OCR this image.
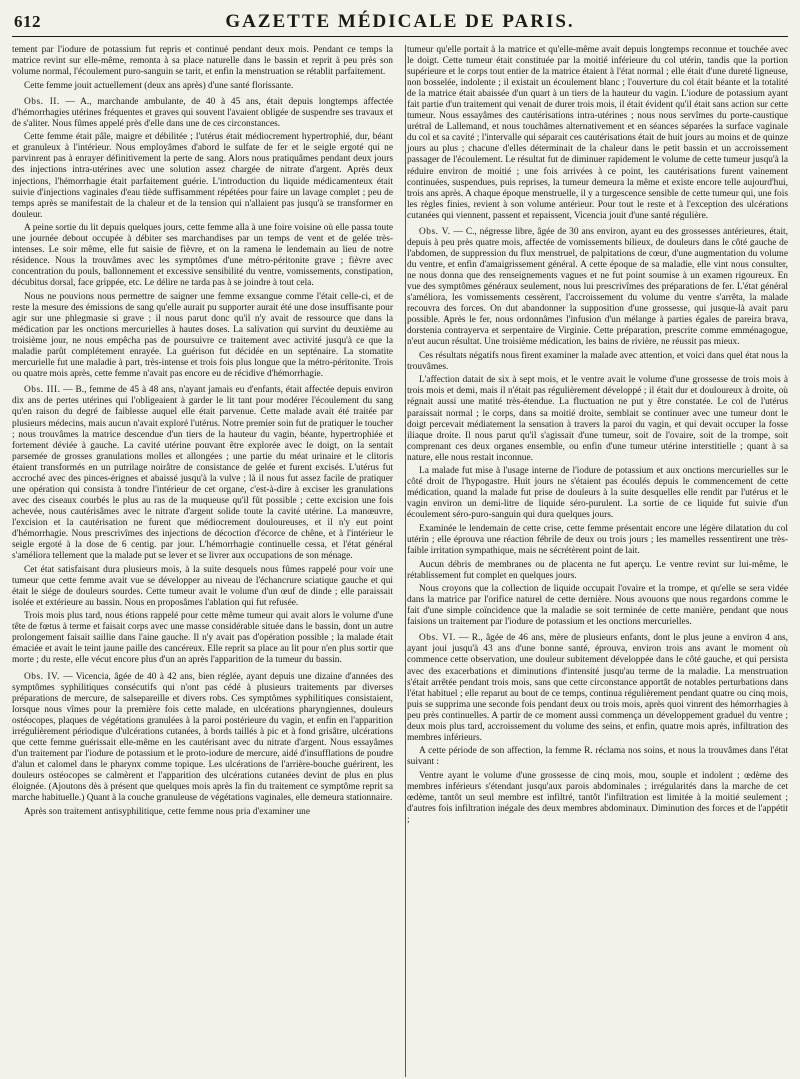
612	GAZETTE MÉDICALE DE PARIS.

tement par l'iodure de potassium fut repris et continué pendant deux mois. Pendant ce temps la matrice revint sur elle-même, remonta à sa place naturelle dans le bassin et reprit à peu près son volume normal, l'écoulement puro-sanguin se tarit, et enfin la menstruation se rétablit parfaitement.

Cette femme jouit actuellement (deux ans après) d'une santé florissante.

Obs. II. — A., marchande ambulante, de 40 à 45 ans, était depuis longtemps affectée d'hémorrhagies utérines fréquentes et graves qui souvent l'avaient obligée de suspendre ses travaux et de s'aliter. Nous fûmes appelé près d'elle dans une de ces circonstances.

Cette femme était pâle, maigre et débilitée ; l'utérus était médiocrement hypertrophié, dur, béant et granuleux à l'intérieur. Nous employâmes d'abord le sulfate de fer et le seigle ergoté qui ne parvinrent pas à enrayer définitivement la perte de sang. Alors nous pratiquâmes pendant deux jours des injections intra-utérines avec une solution assez chargée de nitrate d'argent. Après deux injections, l'hémorrhagie était parfaitement guérie. L'introduction du liquide médicamenteux était suivie d'injections vaginales d'eau tiède suffisamment répétées pour faire un lavage complet ; peu de temps après se manifestait de la chaleur et de la tension qui n'allaient pas jusqu'à se transformer en douleur.

A peine sortie du lit depuis quelques jours, cette femme alla à une foire voisine où elle passa toute une journée debout occupée à débiter ses marchandises par un temps de vent et de gelée très-intenses. Le soir même, elle fut saisie de fièvre, et on la ramena le lendemain au lieu de notre résidence. Nous la trouvâmes avec les symptômes d'une métro-péritonite grave ; fièvre avec concentration du pouls, ballonnement et excessive sensibilité du ventre, vomissements, constipation, décubitus dorsal, face grippée, etc. Le délire ne tarda pas à se joindre à tout cela.

Nous ne pouvions nous permettre de saigner une femme exsangue comme l'était celle-ci, et de reste la mesure des émissions de sang qu'elle aurait pu supporter aurait été une dose insuffisante pour agir sur une phlegmasie si grave ; il nous parut donc qu'il n'y avait de ressource que dans la médication par les onctions mercurielles à hautes doses. La salivation qui survint du deuxième au troisième jour, ne nous empêcha pas de poursuivre ce traitement avec activité jusqu'à ce que la maladie parût complétement enrayée. La guérison fut décidée en un septénaire. La stomatite mercurielle fut une maladie à part, très-intense et trois fois plus longue que la métro-péritonite. Trois ou quatre mois après, cette femme n'avait pas encore eu de récidive d'hémorrhagie.

Obs. III. — B., femme de 45 à 48 ans, n'ayant jamais eu d'enfants, était affectée depuis environ dix ans de pertes utérines qui l'obligeaient à garder le lit tant pour modérer l'écoulement du sang qu'en raison du degré de faiblesse auquel elle était parvenue. Cette malade avait été traitée par plusieurs médecins, mais aucun n'avait exploré l'utérus. Notre premier soin fut de pratiquer le toucher ; nous trouvâmes la matrice descendue d'un tiers de la hauteur du vagin, béante, hypertrophiée et fortement déviée à gauche. La cavité utérine pouvant être explorée avec le doigt, on la sentait parsemée de grosses granulations molles et allongées ; une partie du méat urinaire et le clitoris étaient transformés en un putrilage noirâtre de consistance de gelée et furent excisés. L'utérus fut accroché avec des pinces-érignes et abaissé jusqu'à la vulve ; là il nous fut assez facile de pratiquer une opération qui consista à tondre l'intérieur de cet organe, c'est-à-dire à exciser les granulations avec des ciseaux courbés le plus au ras de la muqueuse qu'il fût possible ; cette excision une fois achevée, nous cautérisâmes avec le nitrate d'argent solide toute la cavité utérine. La manœuvre, l'excision et la cautérisation ne furent que médiocrement douloureuses, et il n'y eut point d'hémorrhagie. Nous prescrivîmes des injections de décoction d'écorce de chêne, et à l'intérieur le seigle ergoté à la dose de 6 centig. par jour. L'hémorrhagie continuelle cessa, et l'état général s'améliora tellement que la malade put se lever et se livrer aux occupations de son ménage.

Cet état satisfaisant dura plusieurs mois, à la suite desquels nous fûmes rappelé pour voir une tumeur que cette femme avait vue se développer au niveau de l'échancrure sciatique gauche et qui était le siége de douleurs sourdes. Cette tumeur avait le volume d'un œuf de dinde ; elle paraissait isolée et extérieure au bassin. Nous en proposâmes l'ablation qui fut refusée.

Trois mois plus tard, nous étions rappelé pour cette même tumeur qui avait alors le volume d'une tête de fœtus à terme et faisait corps avec une masse considérable située dans le bassin, dont un autre prolongement faisait saillie dans l'aine gauche. Il n'y avait pas d'opération possible ; la malade était émaciée et avait le teint jaune paille des cancéreux. Elle reprit sa place au lit pour n'en plus sortir que morte ; du reste, elle vécut encore plus d'un an après l'apparition de la tumeur du bassin.

Obs. IV. — Vicencia, âgée de 40 à 42 ans, bien réglée, ayant depuis une dizaine d'années des symptômes syphilitiques consécutifs qui n'ont pas cédé à plusieurs traitements par diverses préparations de mercure, de salsepareille et divers robs. Ces symptômes syphilitiques consistaient, lorsque nous vîmes pour la première fois cette malade, en ulcérations pharyngiennes, douleurs ostéocopes, plaques de végétations granulées à la paroi postérieure du vagin, et enfin en l'apparition irrégulièrement périodique d'ulcérations cutanées, à bords taillés à pic et à fond grisâtre, ulcérations que cette femme guérissait elle-même en les cautérisant avec du nitrate d'argent. Nous essayâmes d'un traitement par l'iodure de potassium et le proto-iodure de mercure, aidé d'insufflations de poudre d'alun et calomel dans le pharynx comme topique. Les ulcérations de l'arrière-bouche guérirent, les douleurs ostéocopes se calmèrent et l'apparition des ulcérations cutanées devint de plus en plus éloignée. (Ajoutons dès à présent que quelques mois après la fin du traitement ce symptôme reprit sa marche habituelle.) Quant à la couche granuleuse de végétations vaginales, elle demeura stationnaire.

Après son traitement antisyphilitique, cette femme nous pria d'examiner une

tumeur qu'elle portait à la matrice et qu'elle-même avait depuis longtemps reconnue et touchée avec le doigt. Cette tumeur était constituée par la moitié inférieure du col utérin, tandis que la portion supérieure et le corps tout entier de la matrice étaient à l'état normal ; elle était d'une dureté ligneuse, non bosselée, indolente ; il existait un écoulement blanc ; l'ouverture du col était béante et la totalité de la matrice était abaissée d'un quart à un tiers de la hauteur du vagin. L'iodure de potassium ayant fait partie d'un traitement qui venait de durer trois mois, il était évident qu'il était sans action sur cette tumeur. Nous essayâmes des cautérisations intra-utérines ; nous nous servîmes du porte-caustique urétral de Lallemand, et nous touchâmes alternativement et en séances séparées la surface vaginale du col et sa cavité ; l'intervalle qui séparait ces cautérisations était de huit jours au moins et de quinze jours au plus ; chacune d'elles déterminait de la chaleur dans le petit bassin et un accroissement passager de l'écoulement. Le résultat fut de diminuer rapidement le volume de cette tumeur jusqu'à la réduire environ de moitié ; une fois arrivées à ce point, les cautérisations furent vainement continuées, suspendues, puis reprises, la tumeur demeura la même et existe encore telle aujourd'hui, trois ans après. A chaque époque menstruelle, il y a turgescence sensible de cette tumeur qui, une fois les règles finies, revient à son volume antérieur. Pour tout le reste et à l'exception des ulcérations cutanées qui viennent, passent et repaissent, Vicencia jouit d'une santé régulière.

Obs. V. — C., négresse libre, âgée de 30 ans environ, ayant eu des grossesses antérieures, était, depuis à peu près quatre mois, affectée de vomissements bilieux, de douleurs dans le côté gauche de l'abdomen, de suppression du flux menstruel, de palpitations de cœur, d'une augmentation du volume du ventre, et enfin d'amaigrissement général. A cette époque de sa maladie, elle vint nous consulter, ne nous donna que des renseignements vagues et ne fut point soumise à un examen rigoureux. En vue des symptômes généraux seulement, nous lui prescrivîmes des préparations de fer. L'état général s'améliora, les vomissements cessèrent, l'accroissement du volume du ventre s'arrêta, la malade recouvra des forces. On dut abandonner la supposition d'une grossesse, qui jusque-là avait paru possible. Après le fer, nous ordonnâmes l'infusion d'un mélange à parties égales de pareira brava, dorstenia contrayerva et serpentaire de Virginie. Cette préparation, prescrite comme emménagogue, n'eut aucun résultat. Une troisième médication, les bains de rivière, ne réussit pas mieux.

Ces résultats négatifs nous firent examiner la malade avec attention, et voici dans quel état nous la trouvâmes.

L'affection datait de six à sept mois, et le ventre avait le volume d'une grossesse de trois mois à trois mois et demi, mais il n'était pas régulièrement développé ; il était dur et douloureux à droite, où régnait aussi une matité très-étendue. La fluctuation ne put y être constatée. Le col de l'utérus paraissait normal ; le corps, dans sa moitié droite, semblait se continuer avec une tumeur dont le doigt percevait médiatement la sensation à travers la paroi du vagin, et qui devait occuper la fosse iliaque droite. Il nous parut qu'il s'agissait d'une tumeur, soit de l'ovaire, soit de la trompe, soit comprenant ces deux organes ensemble, ou enfin d'une tumeur utérine interstitielle ; quant à sa nature, elle nous restait inconnue.

La malade fut mise à l'usage interne de l'iodure de potassium et aux onctions mercurielles sur le côté droit de l'hypogastre. Huit jours ne s'étaient pas écoulés depuis le commencement de cette médication, quand la malade fut prise de douleurs à la suite desquelles elle rendit par l'utérus et le vagin environ un demi-litre de liquide séro-purulent. La sortie de ce liquide fut suivie d'un écoulement séro-puro-sanguin qui dura quelques jours.

Examinée le lendemain de cette crise, cette femme présentait encore une légère dilatation du col utérin ; elle éprouva une réaction fébrile de deux ou trois jours ; les mamelles ressentirent une très-faible irritation sympathique, mais ne sécrétèrent point de lait.

Aucun débris de membranes ou de placenta ne fut aperçu. Le ventre revint sur lui-même, le rétablissement fut complet en quelques jours.

Nous croyons que la collection de liquide occupait l'ovaire et la trompe, et qu'elle se sera vidée dans la matrice par l'orifice naturel de cette dernière. Nous avouons que nous regardons comme le fait d'une simple coïncidence que la maladie se soit terminée de cette manière, pendant que nous faisions un traitement par l'iodure de potassium et les onctions mercurielles.

Obs. VI. — R., âgée de 46 ans, mère de plusieurs enfants, dont le plus jeune a environ 4 ans, ayant joui jusqu'à 43 ans d'une bonne santé, éprouva, environ trois ans avant le moment où commence cette observation, une douleur subitement développée dans le côté gauche, et qui persista avec des exacerbations et diminutions d'intensité jusqu'au terme de la maladie. La menstruation s'était arrêtée pendant trois mois, sans que cette circonstance apportât de notables perturbations dans l'état habituel ; elle reparut au bout de ce temps, continua régulièrement pendant quatre ou cinq mois, puis se supprima une seconde fois pendant deux ou trois mois, après quoi vinrent des hémorrhagies à peu près continuelles. A partir de ce moment aussi commença un développement graduel du ventre ; deux mois plus tard, accroissement du volume des seins, et enfin, quatre mois après, infiltration des membres inférieurs.

A cette période de son affection, la femme R. réclama nos soins, et nous la trouvâmes dans l'état suivant :

Ventre ayant le volume d'une grossesse de cinq mois, mou, souple et indolent ; œdème des membres inférieurs s'étendant jusqu'aux parois abdominales ; irrégularités dans la marche de cet œdème, tantôt un seul membre est infiltré, tantôt l'infiltration est limitée à la moitié seulement ; d'autres fois infiltration inégale des deux membres abdominaux. Diminution des forces et de l'appétit ;
